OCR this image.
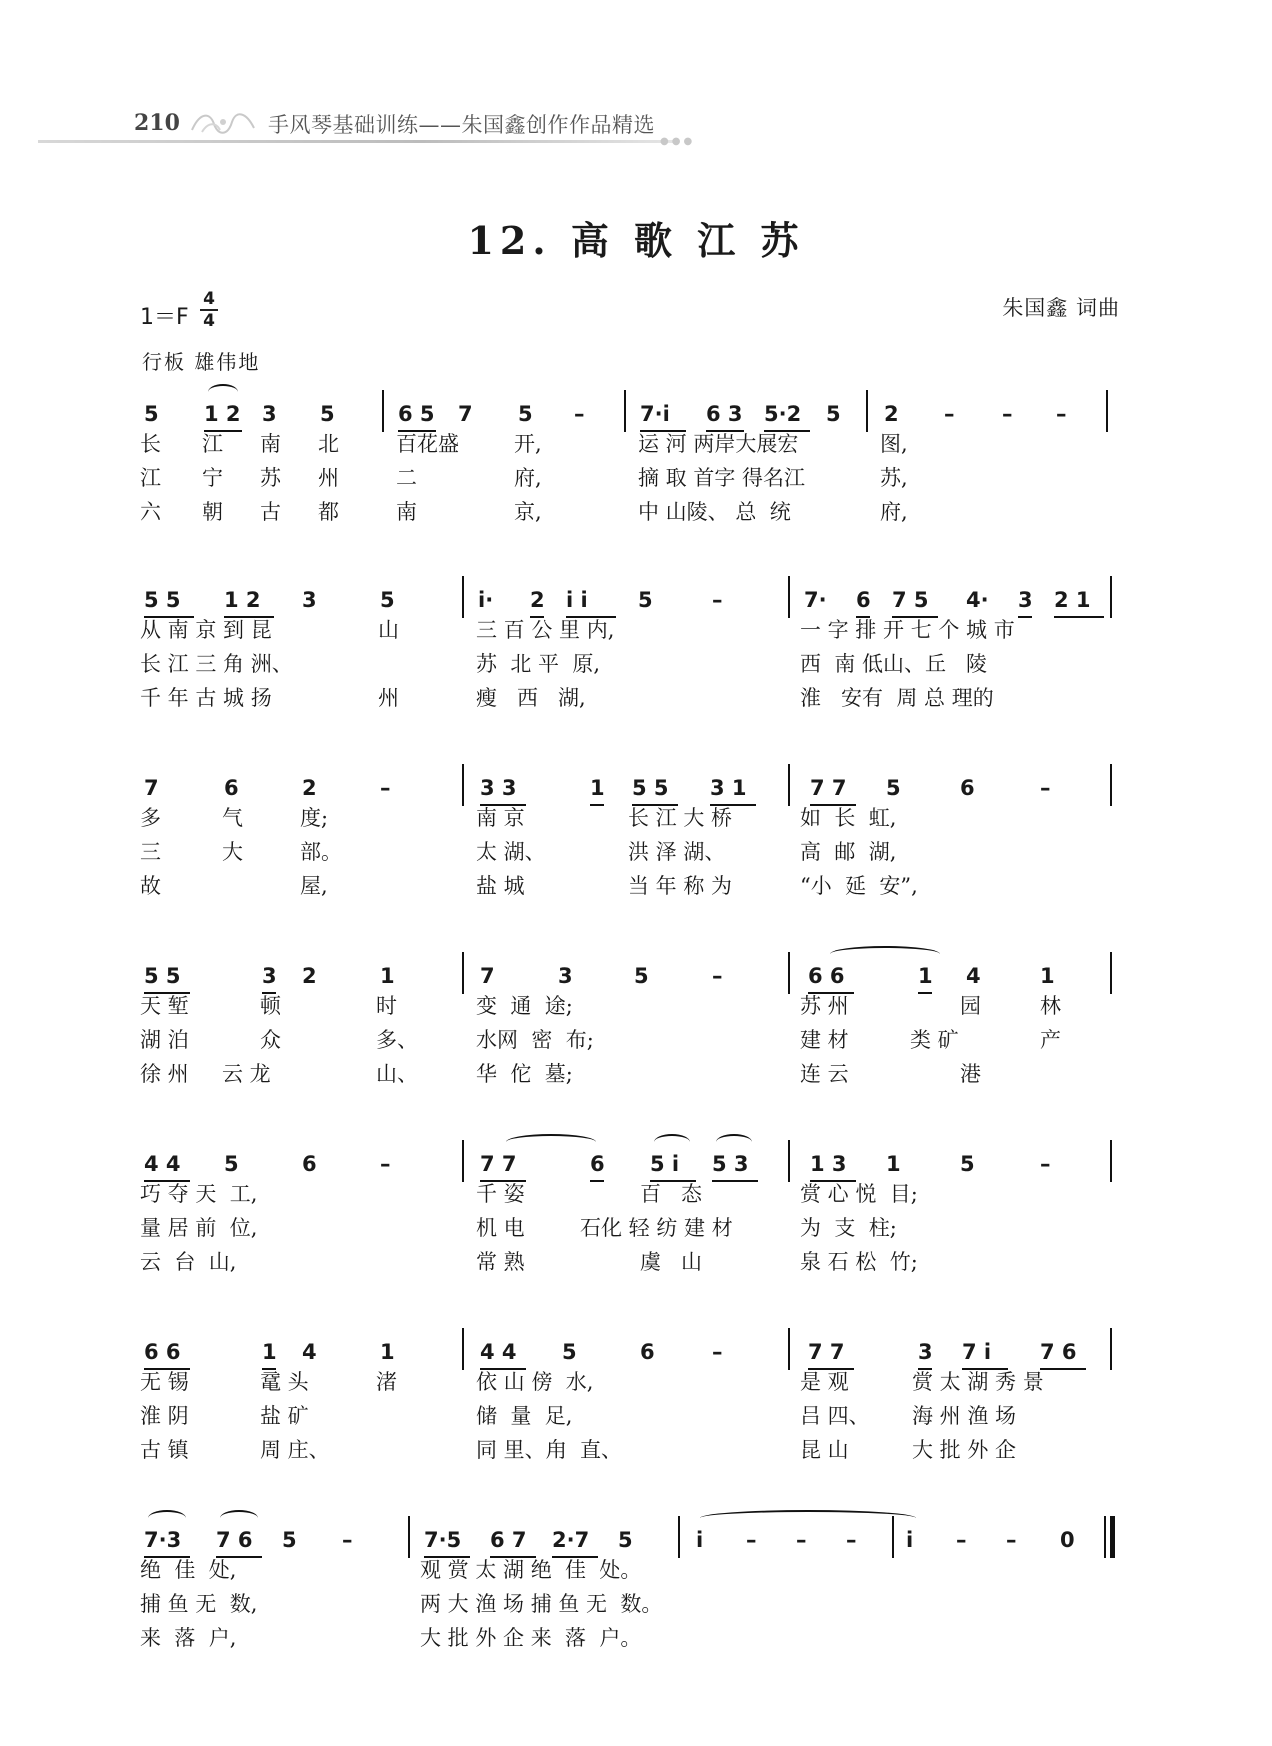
210	手风琴基础训练——朱国鑫创作作品精选
●●●
12. 高 歌 江 苏
1＝F
4
4
朱国鑫 词曲
行板 雄伟地
5 1 2 3 5	6 5 7 5 –	7·i 6 3 5·2 5 2 – – –
长 江 南 北	百花盛	开,	运 河 两岸大展宏	图,
江 宁 苏 州	二	府,	摘 取 首字 得名江	苏,
六 朝 古 都	南	京,	中 山陵、 总  统	府,
5 5 1 2 3	5	i· 2 i i 5	–	7· 6 7 5 4· 3 2 1
从 南 京 到 昆	山	三 百 公 里 内,	一 字 排 开 七 个 城 市
长 江 三 角 洲、	苏  北 平  原,	西  南 低山、丘   陵
千 年 古 城 扬	州	瘦   西   湖,	淮   安有  周 总 理的
7	6	2	–	3 3	1 5 5 3 1	7 7 5	6	–
多	气	度;	南 京	长 江 大 桥	如  长  虹,
三	大	部。	太 湖、	洪 泽 湖、	高  邮  湖,
故	屋,	盐 城	当 年 称 为	“小  延  安”,
5 5	3 2	1	7	3	5	–	6 6	1 4	1
天 堑	顿	时	变  通  途;	苏 州	园	林
湖 泊	众	多、	水网  密  布;	建 材	类 矿	产
徐 州 云 龙	山、	华  佗  墓;	连 云	港
4 4 5	6	–	7 7	6 5 i 5 3	1 3 1	5	–
巧 夺 天  工,	千 姿	百   态	赏 心 悦  目;
量 居 前  位,	机 电	石化 轻 纺 建 材	为  支  柱;
云  台  山,	常 熟	虞   山	泉 石 松  竹;
6 6	1 4	1	4 4 5	6	–	7 7	3 7 i 7 6
无 锡	鼋 头	渚	依 山 傍  水,	是 观	赏 太 湖 秀 景
淮 阴	盐 矿	储  量  足,	吕 四、 海 州 渔 场
古 镇	周 庄、	同 里、甪  直、	昆 山	大 批 外 企
7·3 7 6 5 –	7·5 6 7 2·7 5	i – – – i – – 0
绝  佳  处,	观 赏 太 湖 绝  佳  处。
捕 鱼 无  数,	两 大 渔 场 捕 鱼 无  数。
来  落  户,	大 批 外 企 来  落  户。
